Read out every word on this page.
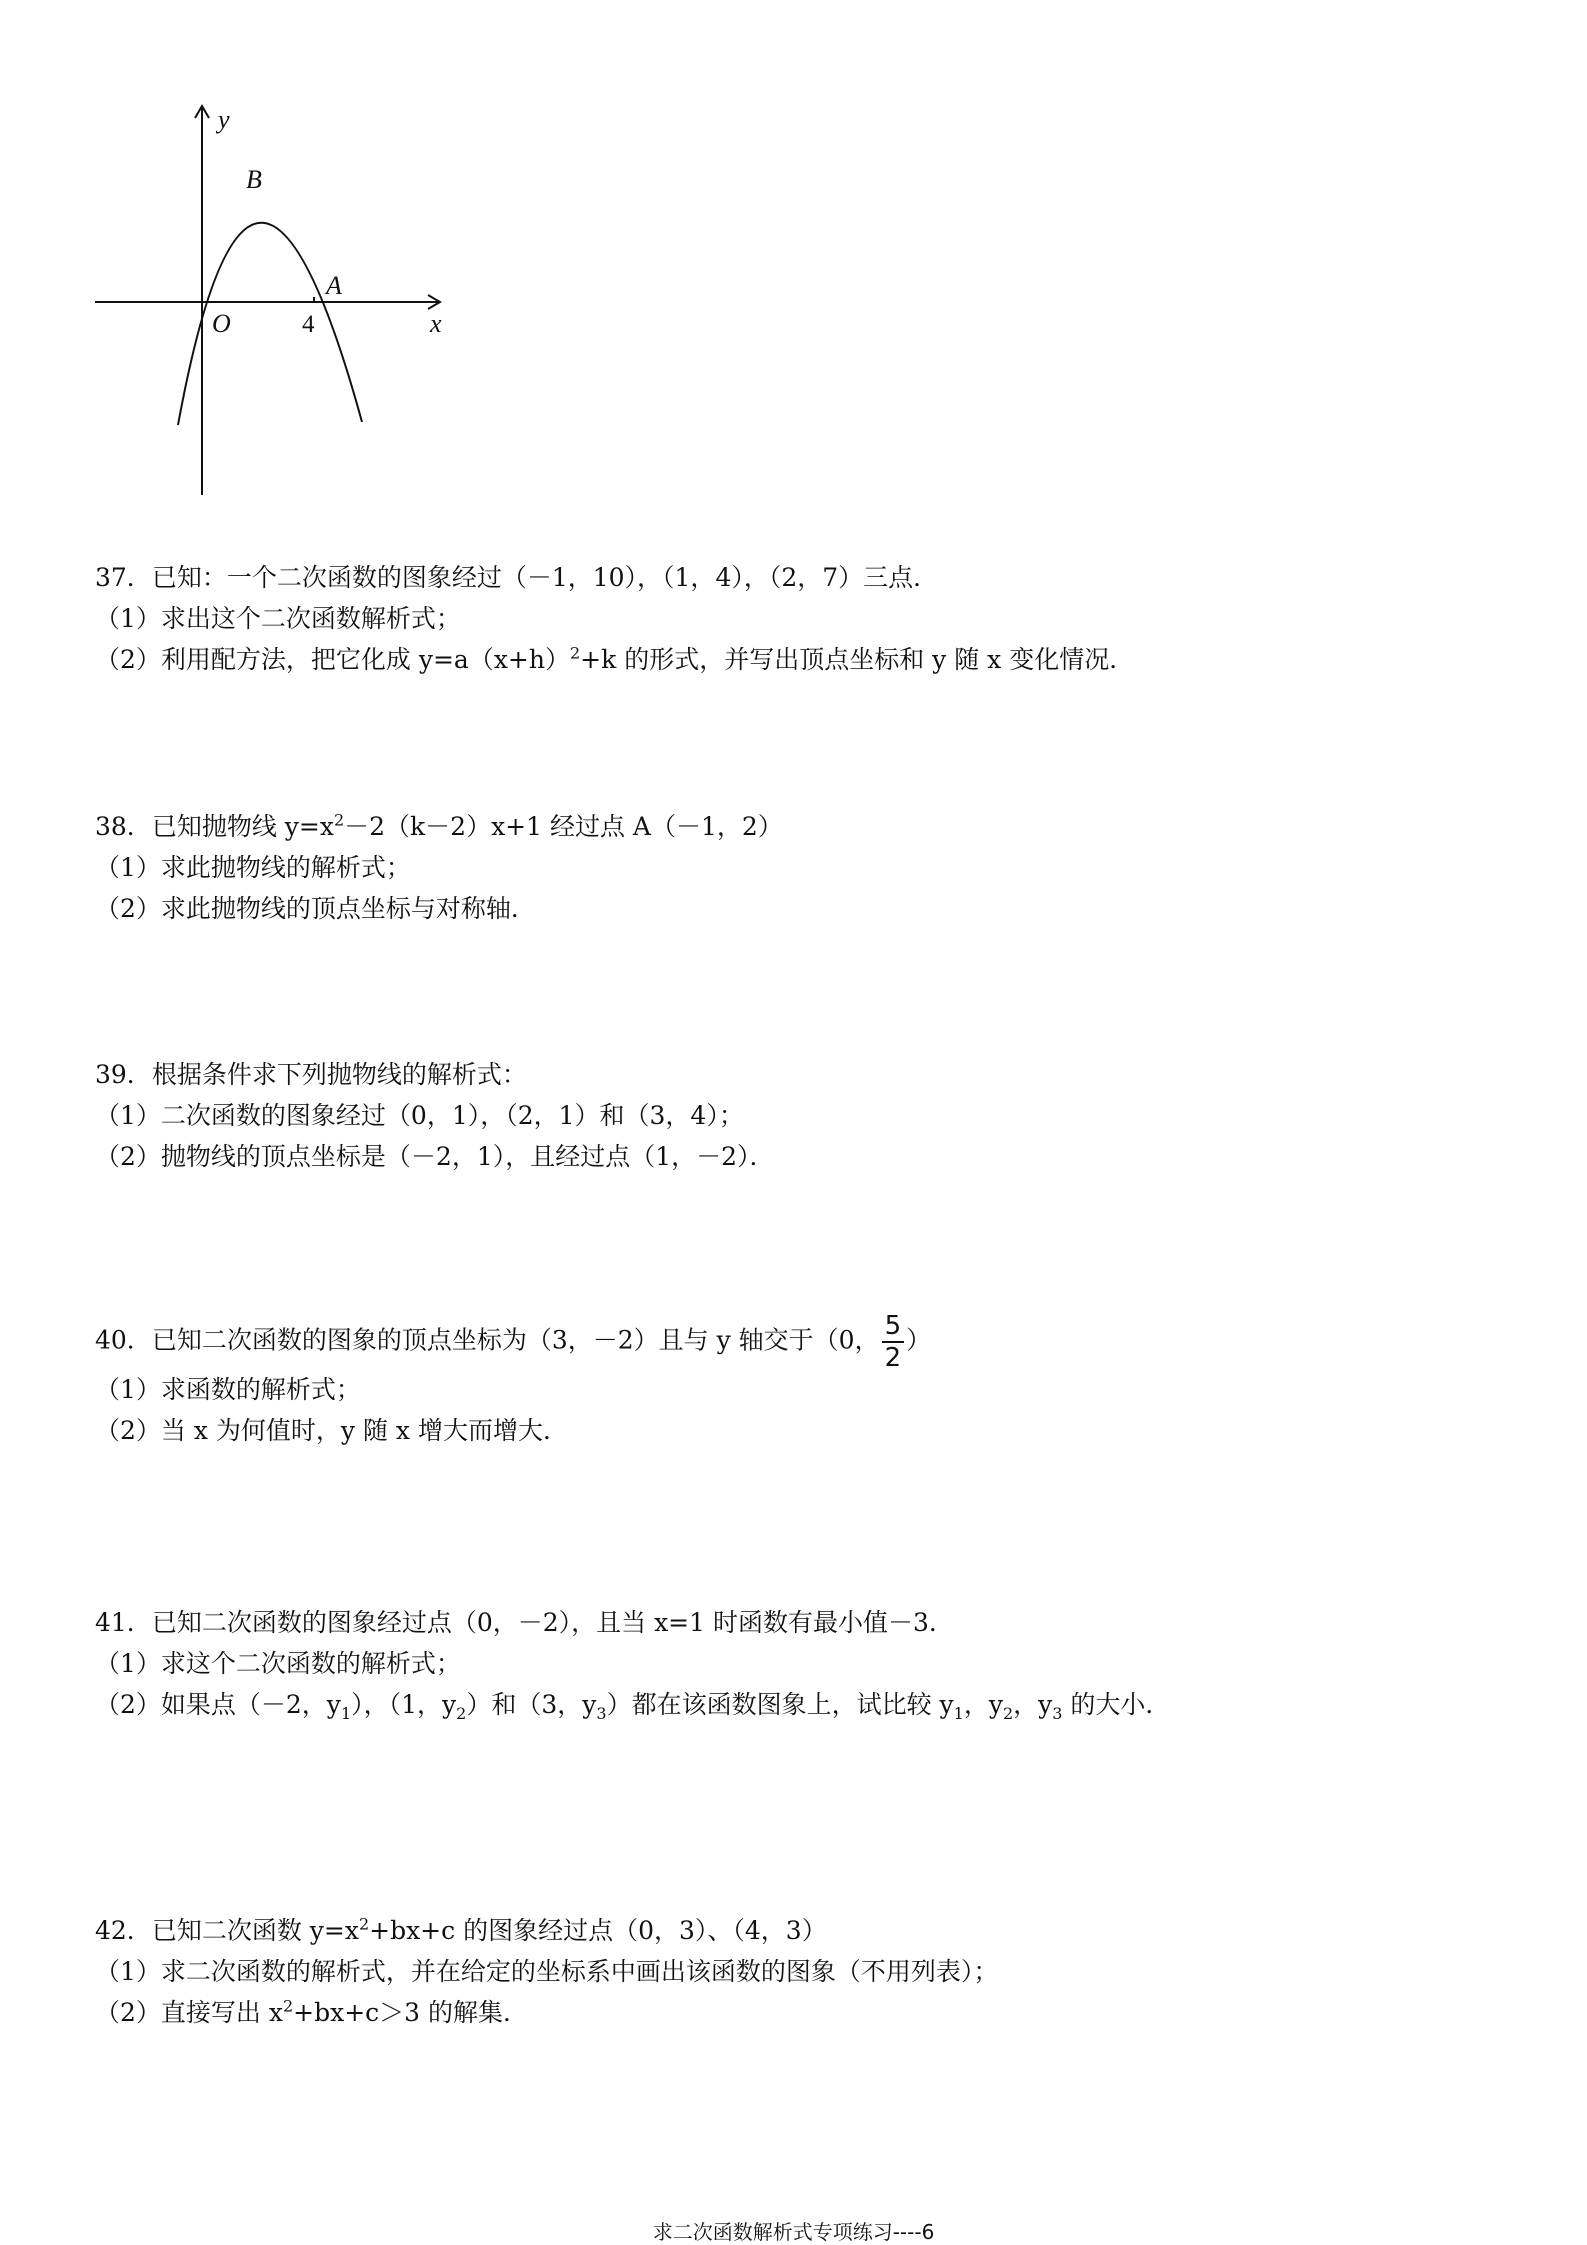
y
x
O
B
A
4
37．已知：一个二次函数的图象经过（－1，10），（1，4），（2，7）三点．
（1）求出这个二次函数解析式；
（2）利用配方法，把它化成 $y=a(x+h)^2+k$ 的形式，并写出顶点坐标和 y 随 x 变化情况．
38．已知抛物线 $y=x^2-2(k-2)x+1$ 经过点 A（－1，2）
（1）求此抛物线的解析式；
（2）求此抛物线的顶点坐标与对称轴．
39．根据条件求下列抛物线的解析式：
（1）二次函数的图象经过（0，1），（2，1）和（3，4）；
（2）抛物线的顶点坐标是（－2，1），且经过点（1，－2）．
40．已知二次函数的图象的顶点坐标为（3，－2）且与 y 轴交于（0， $\frac{5}{2}$ ）
（1）求函数的解析式；
（2）当 x 为何值时，y 随 x 增大而增大．
41．已知二次函数的图象经过点（0，－2），且当 x=1 时函数有最小值－3．
（1）求这个二次函数的解析式；
（2）如果点（－2，$y_1$），（1，$y_2$）和（3，$y_3$）都在该函数图象上，试比较 $y_1$，$y_2$，$y_3$ 的大小．
42．已知二次函数 $y=x^2+bx+c$ 的图象经过点（0，3）、（4，3）
（1）求二次函数的解析式，并在给定的坐标系中画出该函数的图象（不用列表）；
（2）直接写出 $x^2+bx+c>3$ 的解集．
求二次函数解析式专项练习----6
